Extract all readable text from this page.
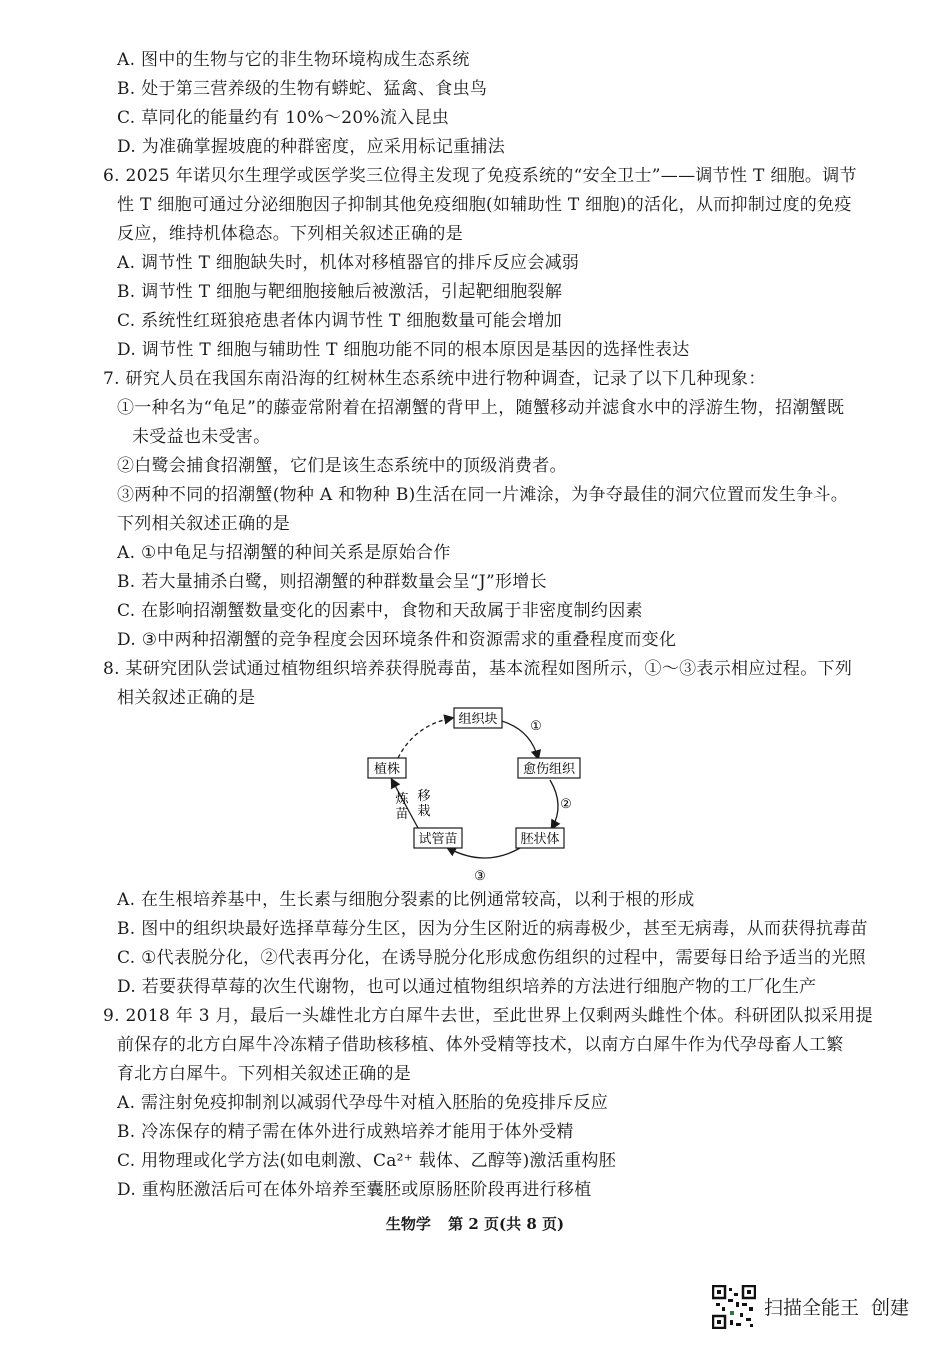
A. 图中的生物与它的非生物环境构成生态系统
B. 处于第三营养级的生物有蟒蛇、猛禽、食虫鸟
C. 草同化的能量约有 10%～20%流入昆虫
D. 为准确掌握坡鹿的种群密度，应采用标记重捕法
6. 2025 年诺贝尔生理学或医学奖三位得主发现了免疫系统的“安全卫士”——调节性 T 细胞。调节
性 T 细胞可通过分泌细胞因子抑制其他免疫细胞(如辅助性 T 细胞)的活化，从而抑制过度的免疫
反应，维持机体稳态。下列相关叙述正确的是
A. 调节性 T 细胞缺失时，机体对移植器官的排斥反应会减弱
B. 调节性 T 细胞与靶细胞接触后被激活，引起靶细胞裂解
C. 系统性红斑狼疮患者体内调节性 T 细胞数量可能会增加
D. 调节性 T 细胞与辅助性 T 细胞功能不同的根本原因是基因的选择性表达
7. 研究人员在我国东南沿海的红树林生态系统中进行物种调查，记录了以下几种现象：
①一种名为“龟足”的藤壶常附着在招潮蟹的背甲上，随蟹移动并滤食水中的浮游生物，招潮蟹既
未受益也未受害。
②白鹭会捕食招潮蟹，它们是该生态系统中的顶级消费者。
③两种不同的招潮蟹(物种 A 和物种 B)生活在同一片滩涂，为争夺最佳的洞穴位置而发生争斗。
下列相关叙述正确的是
A. ①中龟足与招潮蟹的种间关系是原始合作
B. 若大量捕杀白鹭，则招潮蟹的种群数量会呈“J”形增长
C. 在影响招潮蟹数量变化的因素中，食物和天敌属于非密度制约因素
D. ③中两种招潮蟹的竞争程度会因环境条件和资源需求的重叠程度而变化
8. 某研究团队尝试通过植物组织培养获得脱毒苗，基本流程如图所示，①～③表示相应过程。下列
相关叙述正确的是
组织块
愈伤组织
胚状体
试管苗
植株
①
②
③
移
栽
炼
苗
A. 在生根培养基中，生长素与细胞分裂素的比例通常较高，以利于根的形成
B. 图中的组织块最好选择草莓分生区，因为分生区附近的病毒极少，甚至无病毒，从而获得抗毒苗
C. ①代表脱分化，②代表再分化，在诱导脱分化形成愈伤组织的过程中，需要每日给予适当的光照
D. 若要获得草莓的次生代谢物，也可以通过植物组织培养的方法进行细胞产物的工厂化生产
9. 2018 年 3 月，最后一头雄性北方白犀牛去世，至此世界上仅剩两头雌性个体。科研团队拟采用提
前保存的北方白犀牛冷冻精子借助核移植、体外受精等技术，以南方白犀牛作为代孕母畜人工繁
育北方白犀牛。下列相关叙述正确的是
A. 需注射免疫抑制剂以减弱代孕母牛对植入胚胎的免疫排斥反应
B. 冷冻保存的精子需在体外进行成熟培养才能用于体外受精
C. 用物理或化学方法(如电刺激、Ca²⁺ 载体、乙醇等)激活重构胚
D. 重构胚激活后可在体外培养至囊胚或原肠胚阶段再进行移植
生物学 第 2 页(共 8 页)
扫描全能王 创建
